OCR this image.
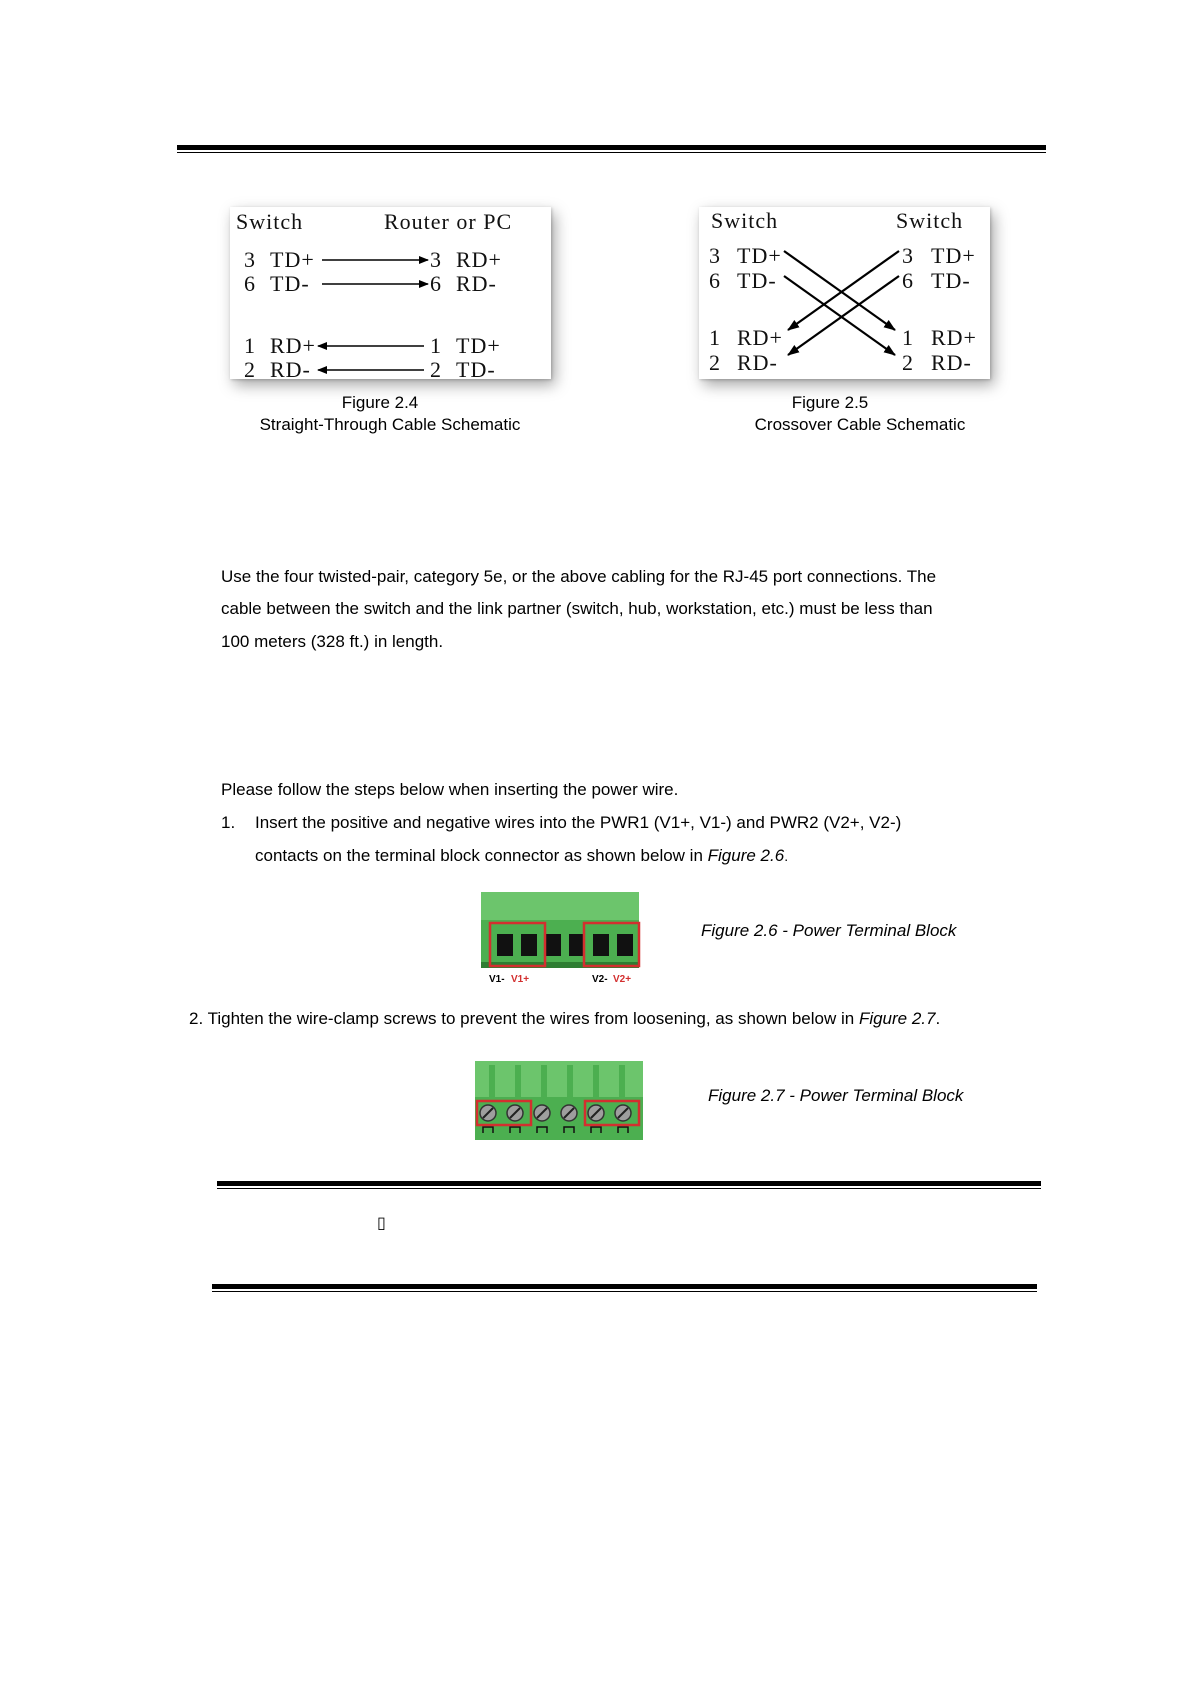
Switch	Router or PC
3 TD+	3 RD+
6 TD-	6 RD-
1 RD+	1 TD+
2 RD-	2 TD-
Figure 2.4
Straight-Through Cable Schematic
Switch	Switch
3 TD+	3 TD+
6 TD-	6 TD-
1 RD+	1 RD+
2 RD-	2 RD-
Figure 2.5
Crossover Cable Schematic
Use the four twisted-pair, category 5e, or the above cabling for the RJ-45 port connections. The
cable between the switch and the link partner (switch, hub, workstation, etc.) must be less than
100 meters (328 ft.) in length.
Please follow the steps below when inserting the power wire.
1. Insert the positive and negative wires into the PWR1 (V1+, V1-) and PWR2 (V2+, V2-)
contacts on the terminal block connector as shown below in Figure 2.6.
V1- V1+	V2- V2+
Figure 2.6 - Power Terminal Block
2. Tighten the wire-clamp screws to prevent the wires from loosening, as shown below in Figure 2.7.
Figure 2.7 - Power Terminal Block
▯
